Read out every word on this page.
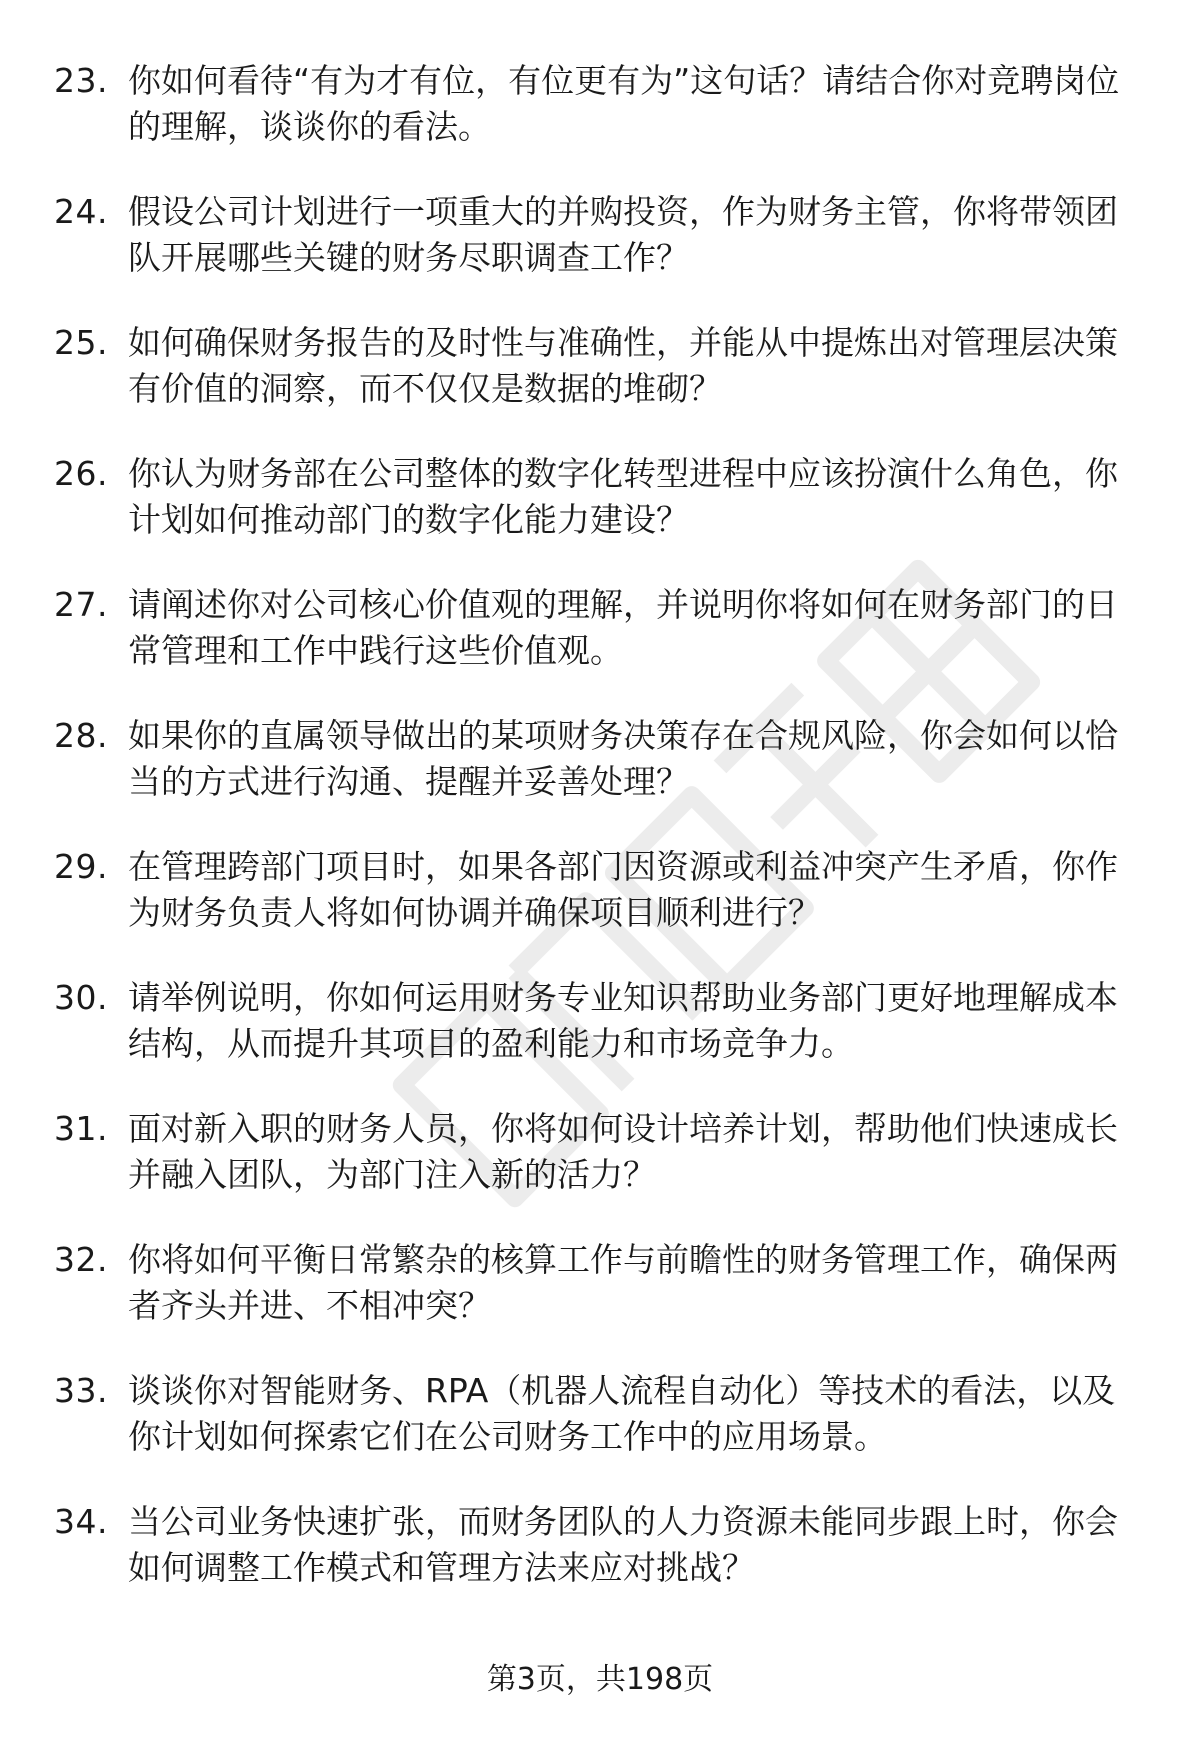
23. 你如何看待“有为才有位，有位更有为”这句话？请结合你对竞聘岗位的理解，谈谈你的看法。

24. 假设公司计划进行一项重大的并购投资，作为财务主管，你将带领团队开展哪些关键的财务尽职调查工作？

25. 如何确保财务报告的及时性与准确性，并能从中提炼出对管理层决策有价值的洞察，而不仅仅是数据的堆砌？

26. 你认为财务部在公司整体的数字化转型进程中应该扮演什么角色，你计划如何推动部门的数字化能力建设？

27. 请阐述你对公司核心价值观的理解，并说明你将如何在财务部门的日常管理和工作中践行这些价值观。

28. 如果你的直属领导做出的某项财务决策存在合规风险，你会如何以恰当的方式进行沟通、提醒并妥善处理？

29. 在管理跨部门项目时，如果各部门因资源或利益冲突产生矛盾，你作为财务负责人将如何协调并确保项目顺利进行？

30. 请举例说明，你如何运用财务专业知识帮助业务部门更好地理解成本结构，从而提升其项目的盈利能力和市场竞争力。

31. 面对新入职的财务人员，你将如何设计培养计划，帮助他们快速成长并融入团队，为部门注入新的活力？

32. 你将如何平衡日常繁杂的核算工作与前瞻性的财务管理工作，确保两者齐头并进、不相冲突？

33. 谈谈你对智能财务、RPA（机器人流程自动化）等技术的看法，以及你计划如何探索它们在公司财务工作中的应用场景。

34. 当公司业务快速扩张，而财务团队的人力资源未能同步跟上时，你会如何调整工作模式和管理方法来应对挑战？

第3页，共198页
